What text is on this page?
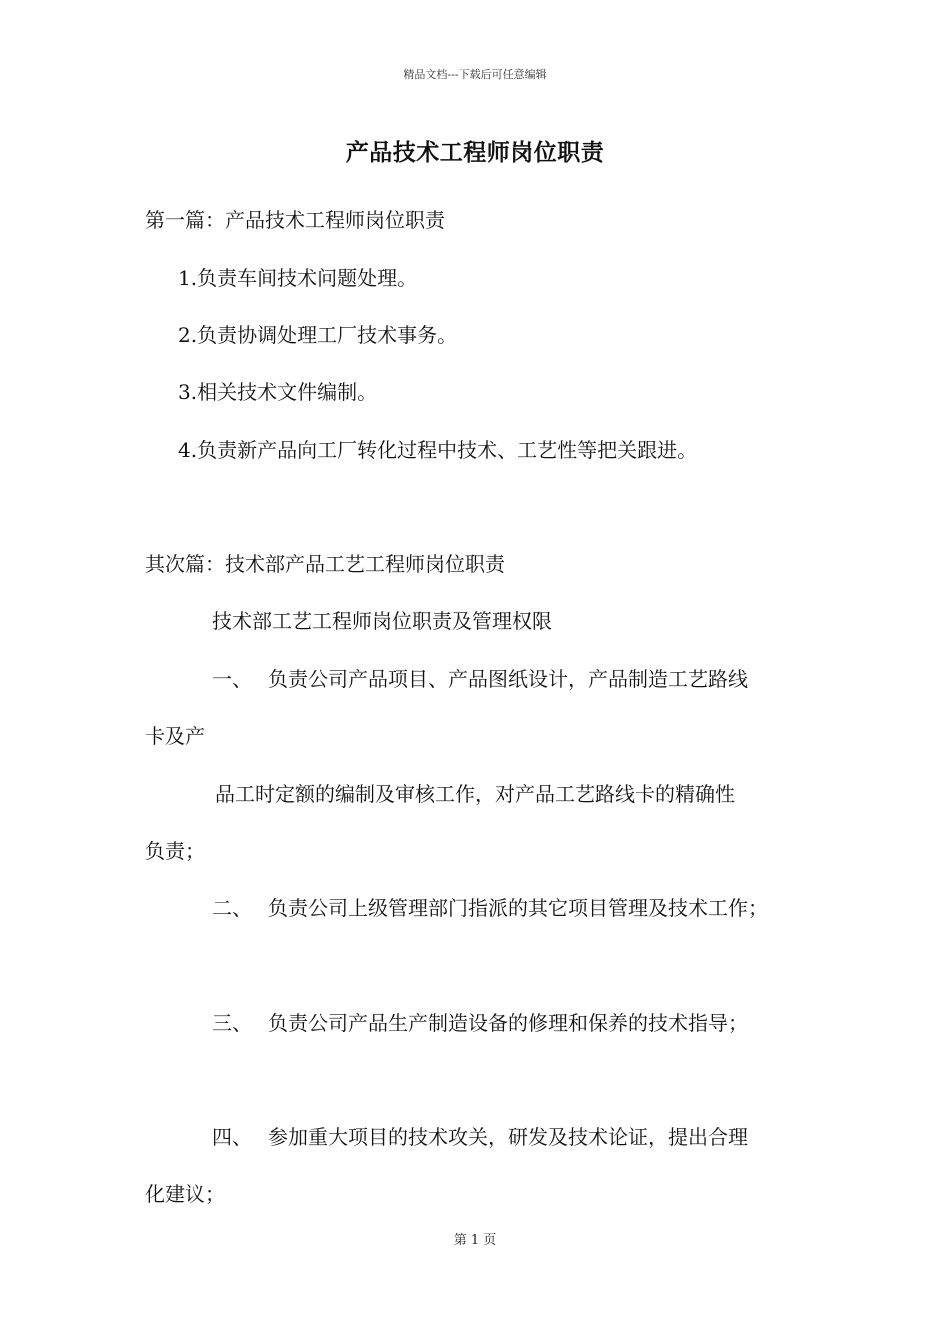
精品文档---下载后可任意编辑
产品技术工程师岗位职责

第一篇：产品技术工程师岗位职责

1.负责车间技术问题处理。

2.负责协调处理工厂技术事务。

3.相关技术文件编制。

4.负责新产品向工厂转化过程中技术、工艺性等把关跟进。

其次篇：技术部产品工艺工程师岗位职责

技术部工艺工程师岗位职责及管理权限

一、 负责公司产品项目、产品图纸设计，产品制造工艺路线

卡及产

品工时定额的编制及审核工作，对产品工艺路线卡的精确性

负责；

二、 负责公司上级管理部门指派的其它项目管理及技术工作；

三、 负责公司产品生产制造设备的修理和保养的技术指导；

四、 参加重大项目的技术攻关，研发及技术论证，提出合理

化建议；

第 1 页
